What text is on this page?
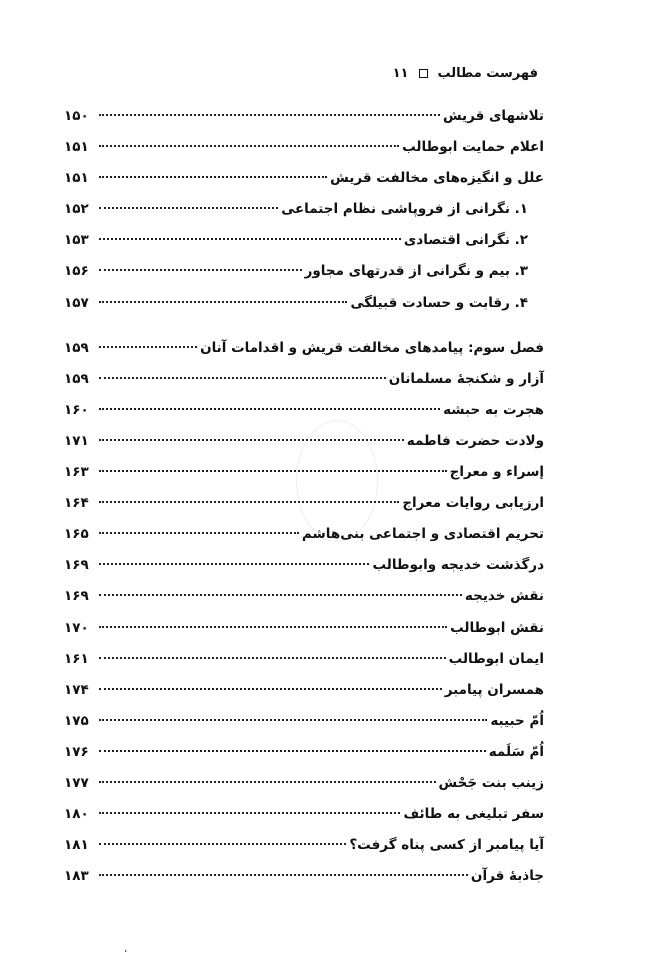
فهرست مطالب
۱۱
تلاشهای قریش
۱۵۰
اعلام حمایت ابوطالب
۱۵۱
علل و انگیزه‌های مخالفت قریش
۱۵۱
۱. نگرانی از فروپاشی نظام اجتماعی
۱۵۲
۲. نگرانی اقتصادی
۱۵۳
۳. بیم و نگرانی از قدرتهای مجاور
۱۵۶
۴. رقابت و حسادت قبیلگی
۱۵۷
فصل سوم: پیامدهای مخالفت قریش و اقدامات آنان
۱۵۹
آزار و شکنجهٔ مسلمانان
۱۵۹
هجرت به حبشه
۱۶۰
ولادت حضرت فاطمه
۱۷۱
إسراء و معراج
۱۶۳
ارزیابی روایات معراج
۱۶۴
تحریم اقتصادی و اجتماعی بنی‌هاشم
۱۶۵
درگذشت خدیجه وابوطالب
۱۶۹
نقش خدیجه
۱۶۹
نقش ابوطالب
۱۷۰
ایمان ابوطالب
۱۶۱
همسران پیامبر
۱۷۴
اُمّ حبیبه
۱۷۵
اُمّ سَلَمه
۱۷۶
زینب بنت جَحْش
۱۷۷
سفر تبلیغی به طائف
۱۸۰
آیا پیامبر از کسی پناه گرفت؟
۱۸۱
جاذبهٔ قرآن
۱۸۳
،
